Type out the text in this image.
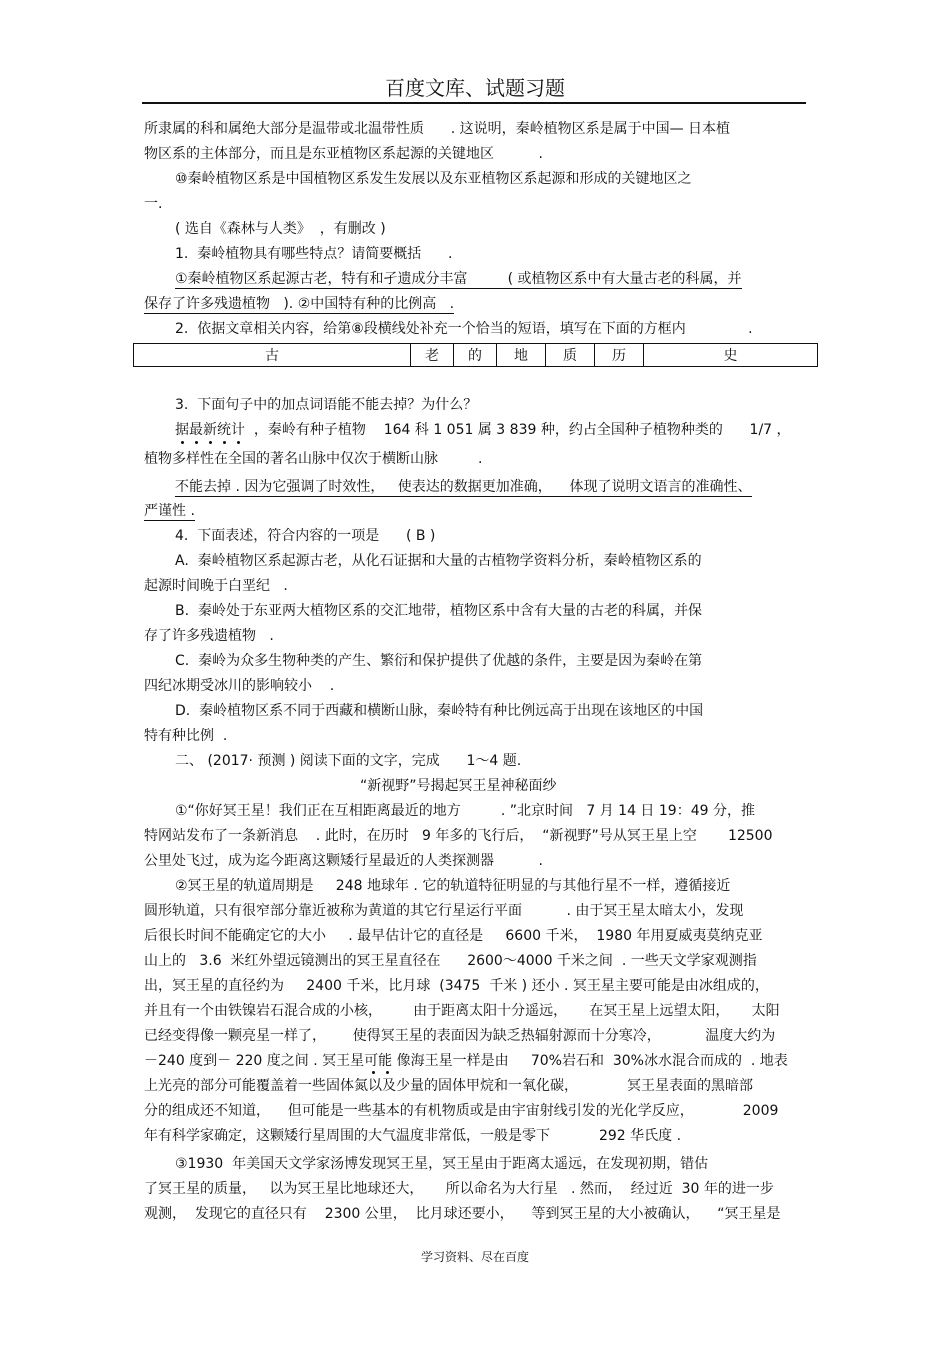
百度文库、试题习题
所隶属的科和属绝大部分是温带或北温带性质      . 这说明，秦岭植物区系是属于中国— 日本植
物区系的主体部分，而且是东亚植物区系起源的关键地区          .
⑩秦岭植物区系是中国植物区系发生发展以及东亚植物区系起源和形成的关键地区之
一.
( 选自《森林与人类》  ，有删改 )
1.  秦岭植物具有哪些特点？请简要概括      .
①秦岭植物区系起源古老，特有和孑遗成分丰富         ( 或植物区系中有大量古老的科属，并
保存了许多残遗植物   ). ②中国特有种的比例高   .
2.  依据文章相关内容，给第⑧段横线处补充一个恰当的短语，填写在下面的方框内              .
古	老	的	地	质	历	史
3.  下面句子中的加点词语能不能去掉？为什么？
据最新统计  ，秦岭有种子植物    164 科 1 051 属 3 839 种，约占全国种子植物种类的      1/7 ，
植物多样性在全国的著名山脉中仅次于横断山脉         .
不能去掉 . 因为它强调了时效性，   使表达的数据更加准确，    体现了说明文语言的准确性、
严谨性 .
4.  下面表述，符合内容的一项是      ( B )
A.  秦岭植物区系起源古老，从化石证据和大量的古植物学资料分析，秦岭植物区系的
起源时间晚于白垩纪   .
B.  秦岭处于东亚两大植物区系的交汇地带，植物区系中含有大量的古老的科属，并保
存了许多残遗植物   .
C.  秦岭为众多生物种类的产生、繁衍和保护提供了优越的条件，主要是因为秦岭在第
四纪冰期受冰川的影响较小    .
D.  秦岭植物区系不同于西藏和横断山脉，秦岭特有种比例远高于出现在该地区的中国
特有种比例  .
二、 (2017· 预测 ) 阅读下面的文字，完成      1～4 题.
“新视野”号揭起冥王星神秘面纱
①“你好冥王星！我们正在互相距离最近的地方         . ”北京时间   7 月 14 日 19：49 分，推
特网站发布了一条新消息    . 此时，在历时   9 年多的飞行后，  “新视野”号从冥王星上空       12500
公里处飞过，成为迄今距离这颗矮行星最近的人类探测器          .
②冥王星的轨道周期是     248 地球年 . 它的轨道特征明显的与其他行星不一样，遵循接近
圆形轨道，只有很窄部分靠近被称为黄道的其它行星运行平面          . 由于冥王星太暗太小，发现
后很长时间不能确定它的大小     . 最早估计它的直径是     6600 千米，  1980 年用夏威夷莫纳克亚
山上的   3.6  米红外望远镜测出的冥王星直径在      2600～4000 千米之间  . 一些天文学家观测指
出，冥王星的直径约为     2400 千米，比月球  (3475  千米 ) 还小 . 冥王星主要可能是由冰组成的，
并且有一个由铁镍岩石混合成的小核，       由于距离太阳十分遥远，     在冥王星上远望太阳，     太阳
已经变得像一颗亮星一样了，      使得冥王星的表面因为缺乏热辐射源而十分寒冷，          温度大约为
－240 度到－ 220 度之间 . 冥王星可能 像海王星一样是由     70%岩石和  30%冰水混合而成的  . 地表
上光亮的部分可能覆盖着一些固体氮以及少量的固体甲烷和一氧化碳，           冥王星表面的黑暗部
分的组成还不知道，    但可能是一些基本的有机物质或是由宇宙射线引发的光化学反应，           2009
年有科学家确定，这颗矮行星周围的大气温度非常低，一般是零下           292 华氏度 .
③1930  年美国天文学家汤博发现冥王星，冥王星由于距离太遥远，在发现初期，错估
了冥王星的质量，   以为冥王星比地球还大，     所以命名为大行星   . 然而，  经过近  30 年的进一步
观测，  发现它的直径只有    2300 公里，  比月球还要小，    等到冥王星的大小被确认，    “冥王星是
学习资料、尽在百度
